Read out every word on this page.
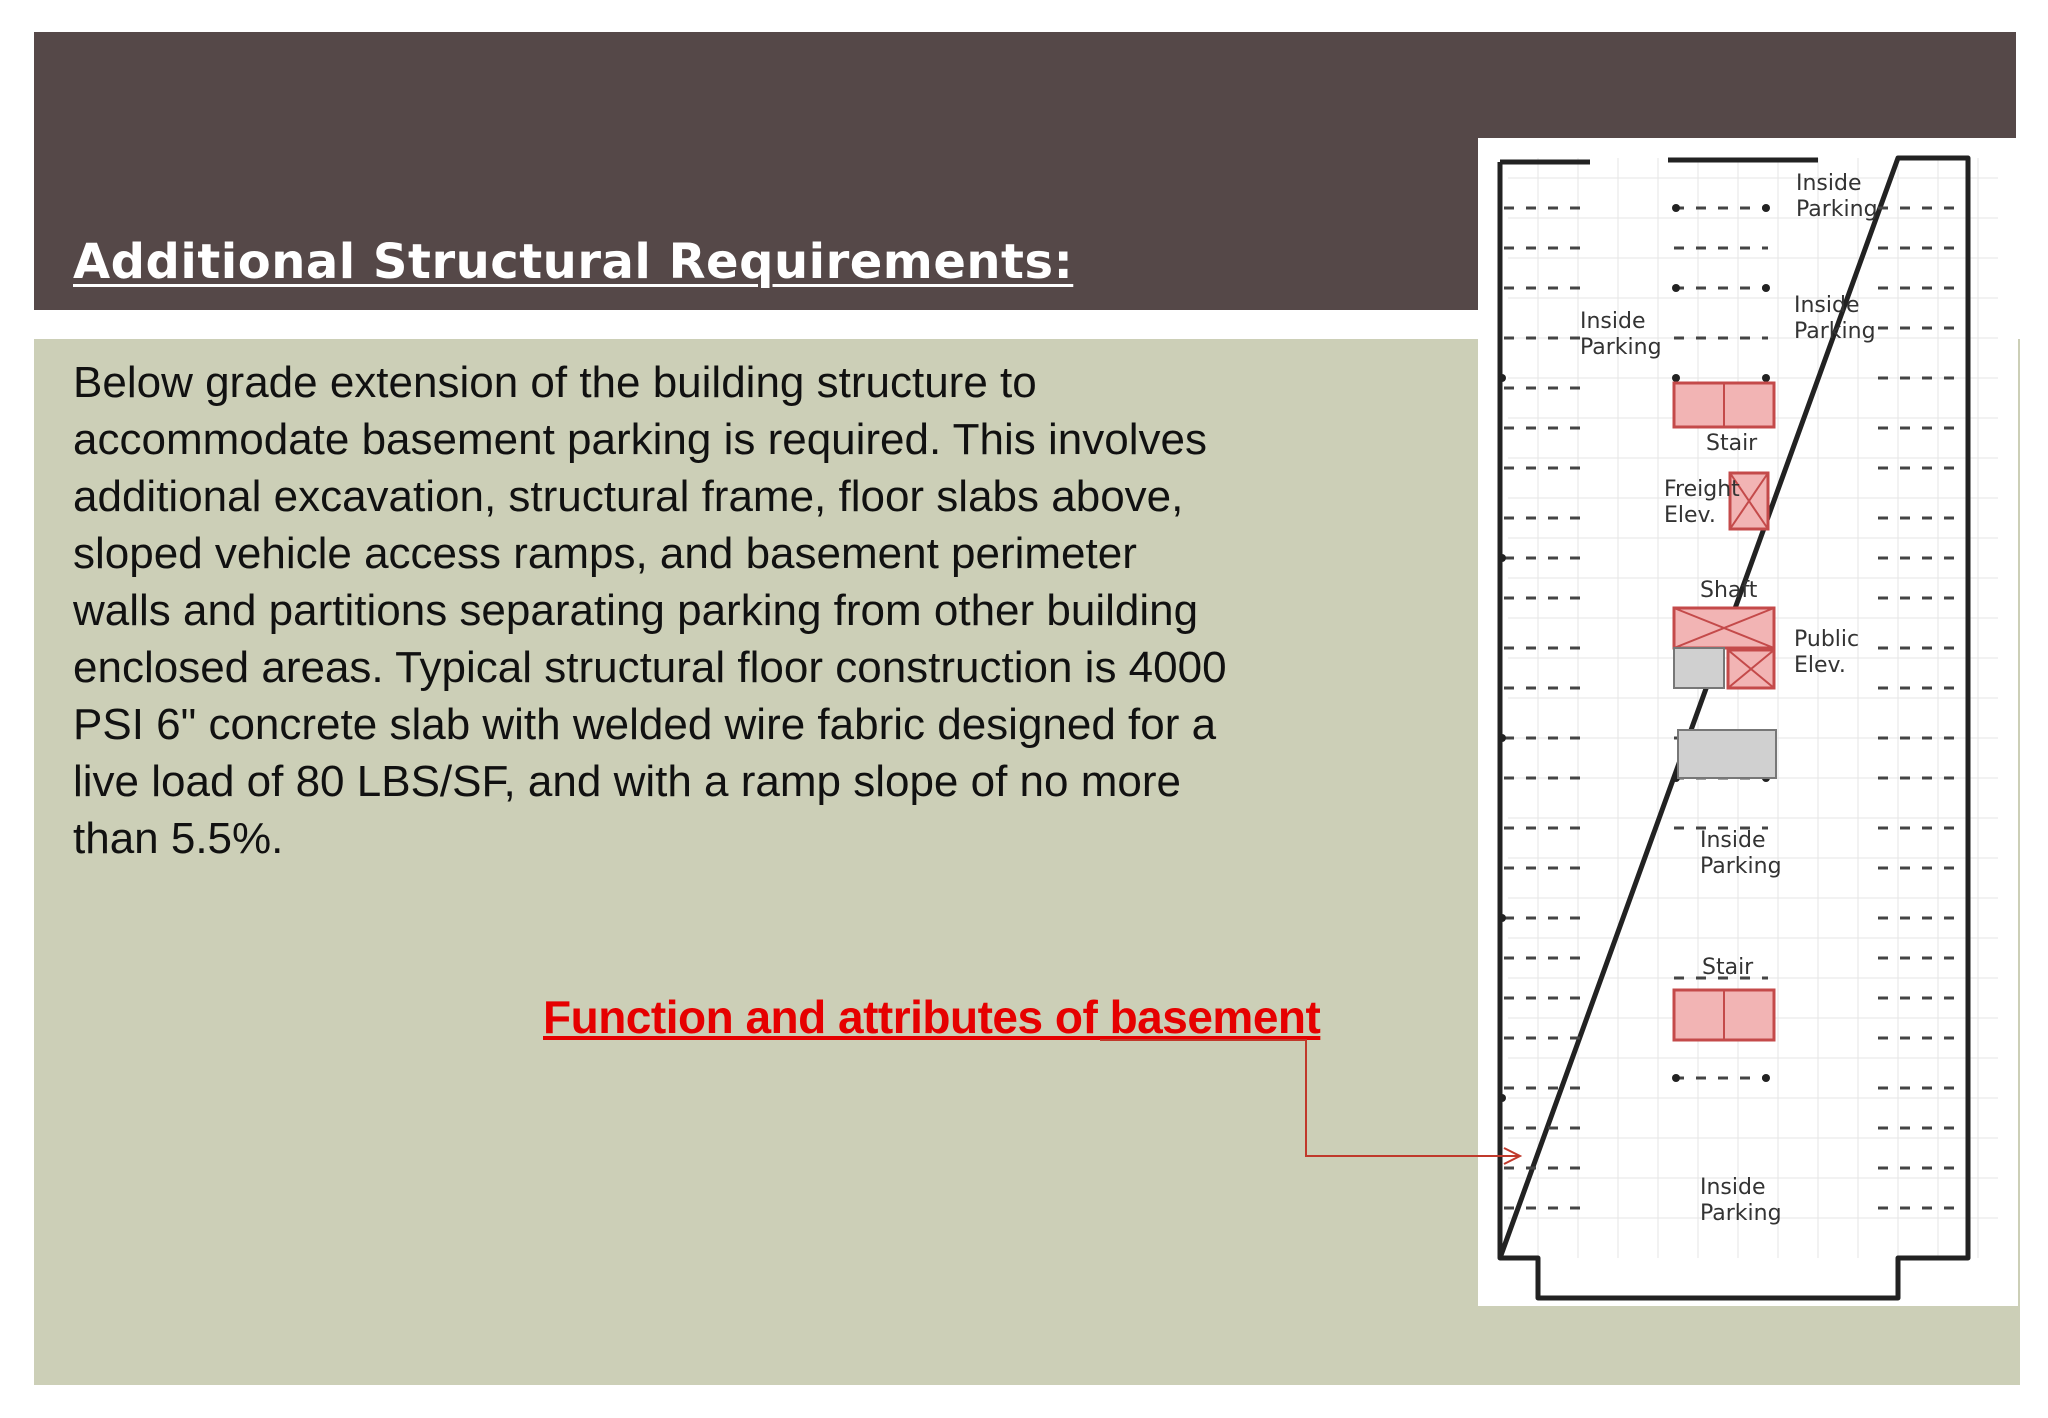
Additional Structural Requirements:

Below grade extension of the building structure to accommodate basement parking is required. This involves additional excavation, structural frame, floor slabs above, sloped vehicle access ramps, and basement perimeter walls and partitions separating parking from other building enclosed areas. Typical structural floor construction is 4000 PSI 6" concrete slab with welded wire fabric designed for a live load of 80 LBS/SF, and with a ramp slope of no more than 5.5%.

Function and attributes of basement
Inside
Parking
Inside
Parking
Inside
Parking
Stair
Freight
Elev.
Shaft
Public
Elev.
Inside
Parking
Stair
Inside
Parking
